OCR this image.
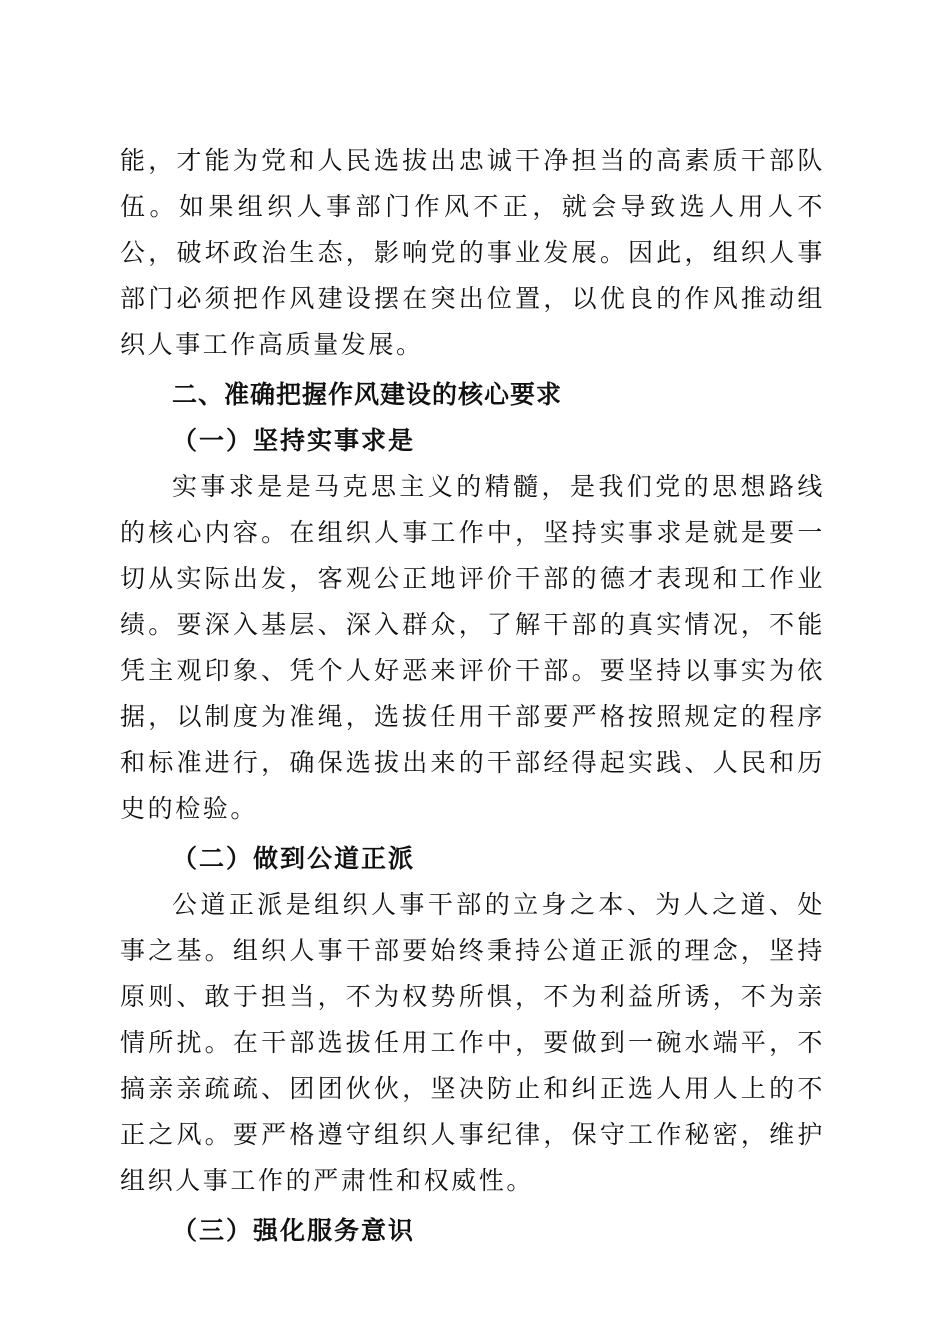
能，才能为党和人民选拔出忠诚干净担当的高素质干部队伍。如果组织人事部门作风不正，就会导致选人用人不公，破坏政治生态，影响党的事业发展。因此，组织人事部门必须把作风建设摆在突出位置，以优良的作风推动组织人事工作高质量发展。

二、准确把握作风建设的核心要求
（一）坚持实事求是

实事求是是马克思主义的精髓，是我们党的思想路线的核心内容。在组织人事工作中，坚持实事求是就是要一切从实际出发，客观公正地评价干部的德才表现和工作业绩。要深入基层、深入群众，了解干部的真实情况，不能凭主观印象、凭个人好恶来评价干部。要坚持以事实为依据，以制度为准绳，选拔任用干部要严格按照规定的程序和标准进行，确保选拔出来的干部经得起实践、人民和历史的检验。

（二）做到公道正派

公道正派是组织人事干部的立身之本、为人之道、处事之基。组织人事干部要始终秉持公道正派的理念，坚持原则、敢于担当，不为权势所惧，不为利益所诱，不为亲情所扰。在干部选拔任用工作中，要做到一碗水端平，不搞亲亲疏疏、团团伙伙，坚决防止和纠正选人用人上的不正之风。要严格遵守组织人事纪律，保守工作秘密，维护组织人事工作的严肃性和权威性。

（三）强化服务意识
